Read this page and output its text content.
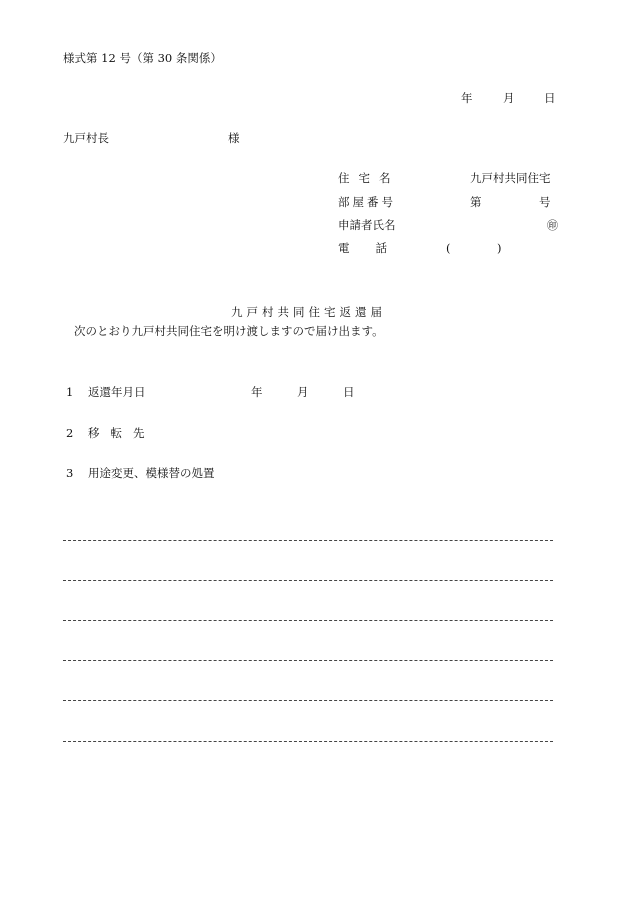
様式第 12 号（第 30 条関係）
年	月	日
九戸村長	様
住宅名	九戸村共同住宅
部屋番号	第	号
申請者氏名	㊞
電話	(	)
九戸村共同住宅返還届
次のとおり九戸村共同住宅を明け渡しますので届け出ます。
1 返還年月日	年	月	日
2 移転先
3 用途変更、模様替の処置
